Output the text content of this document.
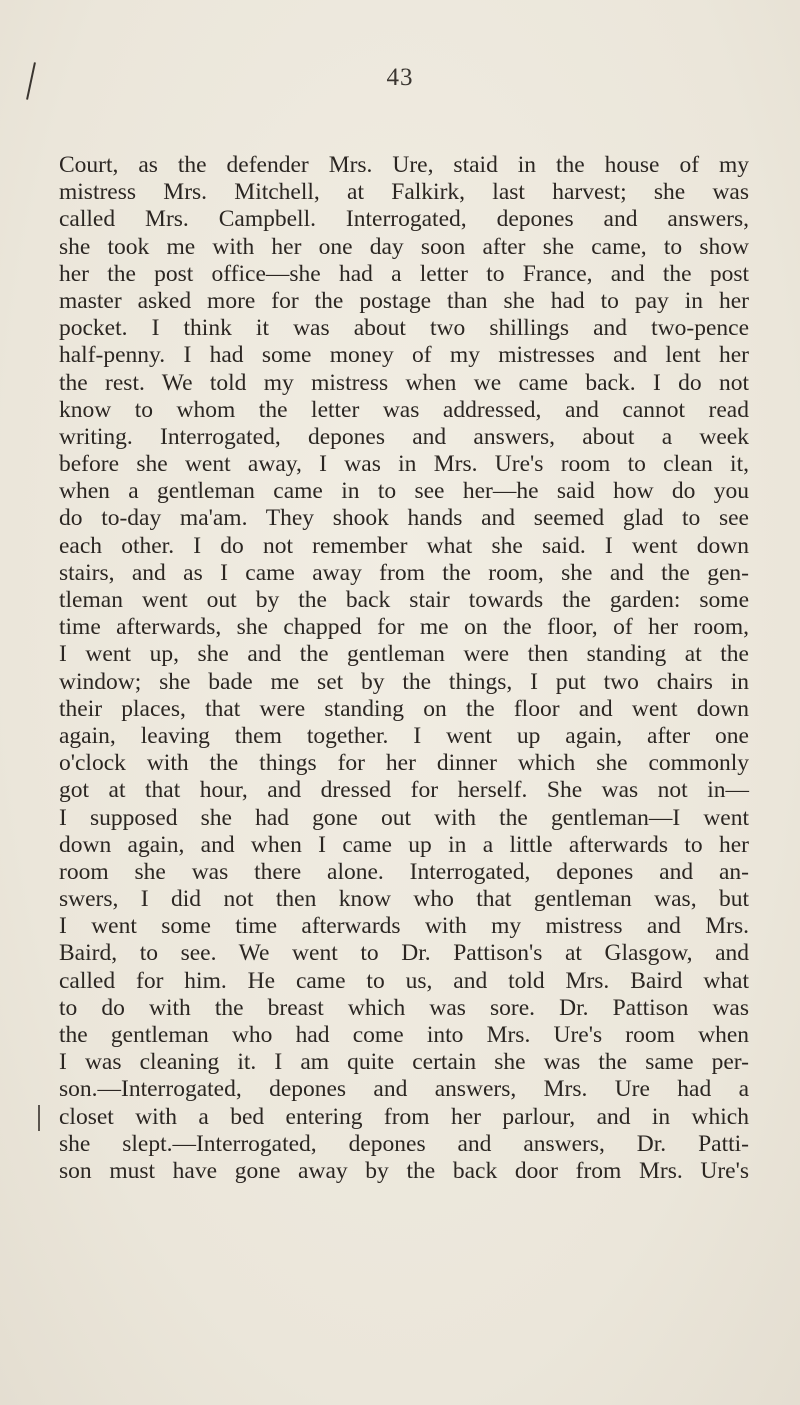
43
Court, as the defender Mrs. Ure, staid in the house of my
mistress Mrs. Mitchell, at Falkirk, last harvest; she was
called Mrs. Campbell. Interrogated, depones and answers,
she took me with her one day soon after she came, to show
her the post office—she had a letter to France, and the post
master asked more for the postage than she had to pay in her
pocket. I think it was about two shillings and two-pence
half-penny. I had some money of my mistresses and lent her
the rest. We told my mistress when we came back. I do not
know to whom the letter was addressed, and cannot read
writing. Interrogated, depones and answers, about a week
before she went away, I was in Mrs. Ure's room to clean it,
when a gentleman came in to see her—he said how do you
do to-day ma'am. They shook hands and seemed glad to see
each other. I do not remember what she said. I went down
stairs, and as I came away from the room, she and the gen-
tleman went out by the back stair towards the garden: some
time afterwards, she chapped for me on the floor, of her room,
I went up, she and the gentleman were then standing at the
window; she bade me set by the things, I put two chairs in
their places, that were standing on the floor and went down
again, leaving them together. I went up again, after one
o'clock with the things for her dinner which she commonly
got at that hour, and dressed for herself. She was not in—
I supposed she had gone out with the gentleman—I went
down again, and when I came up in a little afterwards to her
room she was there alone. Interrogated, depones and an-
swers, I did not then know who that gentleman was, but
I went some time afterwards with my mistress and Mrs.
Baird, to see. We went to Dr. Pattison's at Glasgow, and
called for him. He came to us, and told Mrs. Baird what
to do with the breast which was sore. Dr. Pattison was
the gentleman who had come into Mrs. Ure's room when
I was cleaning it. I am quite certain she was the same per-
son.—Interrogated, depones and answers, Mrs. Ure had a
closet with a bed entering from her parlour, and in which
she slept.—Interrogated, depones and answers, Dr. Patti-
son must have gone away by the back door from Mrs. Ure's
